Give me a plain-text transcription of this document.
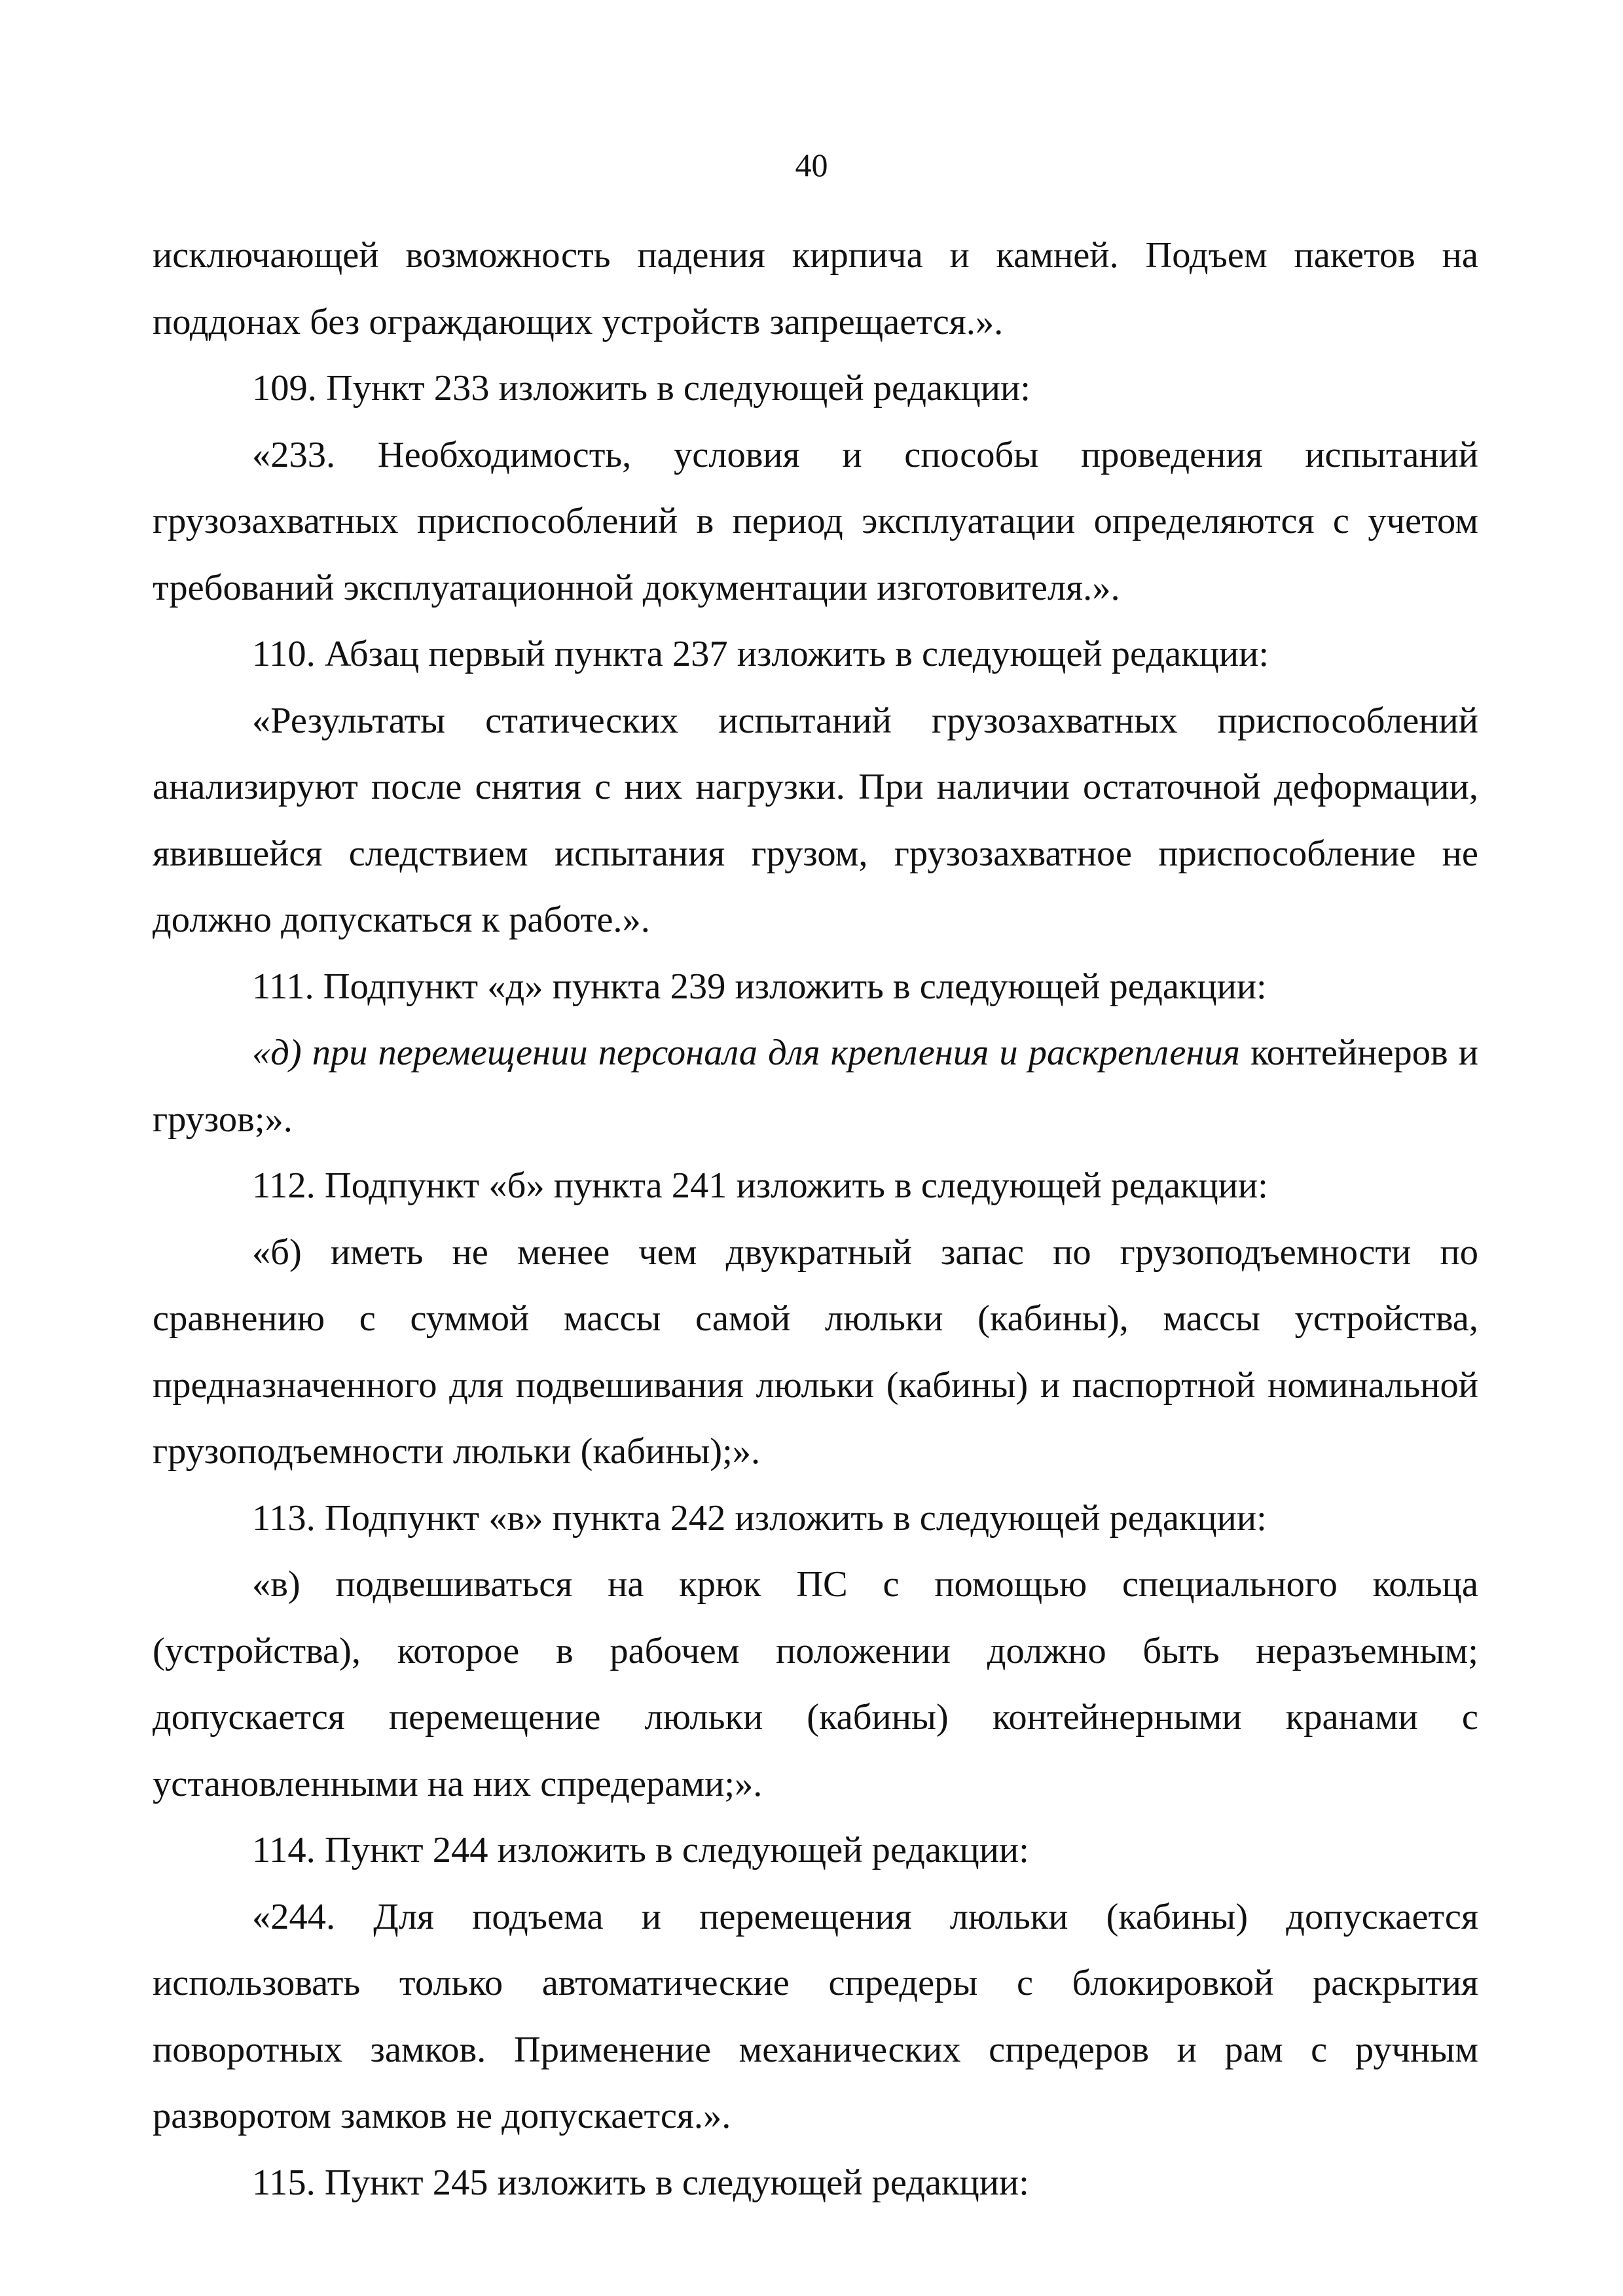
40

исключающей возможность падения кирпича и камней. Подъем пакетов на поддонах без ограждающих устройств запрещается.».

109. Пункт 233 изложить в следующей редакции:

«233. Необходимость, условия и способы проведения испытаний грузозахватных приспособлений в период эксплуатации определяются с учетом требований эксплуатационной документации изготовителя.».

110. Абзац первый пункта 237 изложить в следующей редакции:

«Результаты статических испытаний грузозахватных приспособлений анализируют после снятия с них нагрузки. При наличии остаточной деформации, явившейся следствием испытания грузом, грузозахватное приспособление не должно допускаться к работе.».

111. Подпункт «д» пункта 239 изложить в следующей редакции:

«д) при перемещении персонала для крепления и раскрепления контейнеров и грузов;».

112. Подпункт «б» пункта 241 изложить в следующей редакции:

«б) иметь не менее чем двукратный запас по грузоподъемности по сравнению с суммой массы самой люльки (кабины), массы устройства, предназначенного для подвешивания люльки (кабины) и паспортной номинальной грузоподъемности люльки (кабины);».

113. Подпункт «в» пункта 242 изложить в следующей редакции:

«в) подвешиваться на крюк ПС с помощью специального кольца (устройства), которое в рабочем положении должно быть неразъемным; допускается перемещение люльки (кабины) контейнерными кранами с установленными на них спредерами;».

114. Пункт 244 изложить в следующей редакции:

«244. Для подъема и перемещения люльки (кабины) допускается использовать только автоматические спредеры с блокировкой раскрытия поворотных замков. Применение механических спредеров и рам с ручным разворотом замков не допускается.».

115. Пункт 245 изложить в следующей редакции:
